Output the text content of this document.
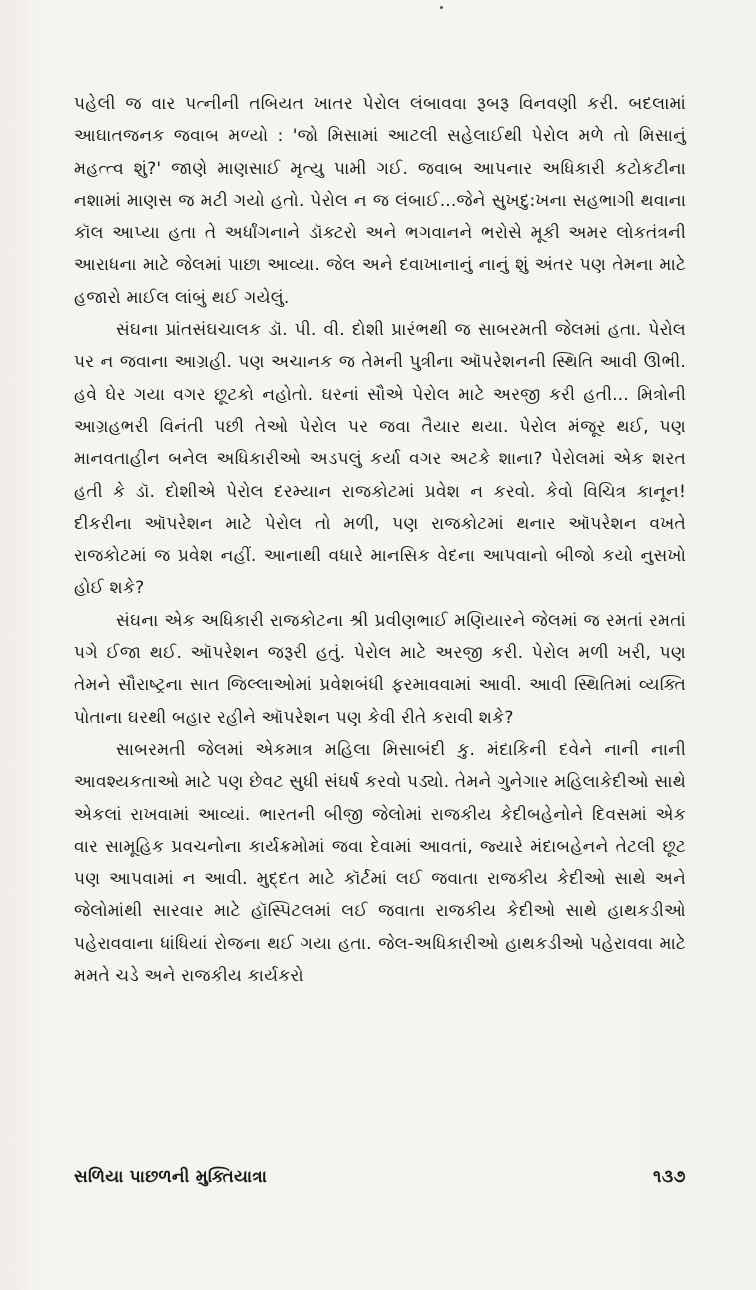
પહેલી જ વાર પત્નીની તબિયત ખાતર પેરોલ લંબાવવા રૂબરૂ વિનવણી કરી. બદલામાં આઘાતજનક જવાબ મળ્યો : 'જો મિસામાં આટલી સહેલાઈથી પેરોલ મળે તો મિસાનું મહત્ત્વ શું?' જાણે માણસાઈ મૃત્યુ પામી ગઈ. જવાબ આપનાર અધિકારી કટોકટીના નશામાં માણસ જ મટી ગયો હતો. પેરોલ ન જ લંબાઈ...જેને સુખદુ:ખના સહભાગી થવાના કૉલ આપ્યા હતા તે અર્ધાંગનાને ડૉક્ટરો અને ભગવાનને ભરોસે મૂકી અમર લોકતંત્રની આરાધના માટે જેલમાં પાછા આવ્યા. જેલ અને દવાખાનાનું નાનું શું અંતર પણ તેમના માટે હજારો માઈલ લાંબું થઈ ગયેલું.

સંઘના પ્રાંતસંઘચાલક ડૉ. પી. વી. દોશી પ્રારંભથી જ સાબરમતી જેલમાં હતા. પેરોલ પર ન જવાના આગ્રહી. પણ અચાનક જ તેમની પુત્રીના ઑપરેશનની સ્થિતિ આવી ઊભી. હવે ઘેર ગયા વગર છૂટકો નહોતો. ઘરનાં સૌએ પેરોલ માટે અરજી કરી હતી... મિત્રોની આગ્રહભરી વિનંતી પછી તેઓ પેરોલ પર જવા તૈયાર થયા. પેરોલ મંજૂર થઈ, પણ માનવતાહીન બનેલ અધિકારીઓ અડપલું કર્યા વગર અટકે શાના? પેરોલમાં એક શરત હતી કે ડૉ. દોશીએ પેરોલ દરમ્યાન રાજકોટમાં પ્રવેશ ન કરવો. કેવો વિચિત્ર કાનૂન! દીકરીના ઑપરેશન માટે પેરોલ તો મળી, પણ રાજકોટમાં થનાર ઑપરેશન વખતે રાજકોટમાં જ પ્રવેશ નહીં. આનાથી વધારે માનસિક વેદના આપવાનો બીજો કયો નુસખો હોઈ શકે?

સંઘના એક અધિકારી રાજકોટના શ્રી પ્રવીણભાઈ મણિયારને જેલમાં જ રમતાં રમતાં પગે ઈજા થઈ. ઑપરેશન જરૂરી હતું. પેરોલ માટે અરજી કરી. પેરોલ મળી ખરી, પણ તેમને સૌરાષ્ટ્રના સાત જિલ્લાઓમાં પ્રવેશબંધી ફરમાવવામાં આવી. આવી સ્થિતિમાં વ્યક્તિ પોતાના ઘરથી બહાર રહીને ઑપરેશન પણ કેવી રીતે કરાવી શકે?

સાબરમતી જેલમાં એકમાત્ર મહિલા મિસાબંદી કુ. મંદાકિની દવેને નાની નાની આવશ્યકતાઓ માટે પણ છેવટ સુધી સંઘર્ષ કરવો પડ્યો. તેમને ગુનેગાર મહિલાકેદીઓ સાથે એકલાં રાખવામાં આવ્યાં. ભારતની બીજી જેલોમાં રાજકીય કેદીબહેનોને દિવસમાં એક વાર સામૂહિક પ્રવચનોના કાર્યક્રમોમાં જવા દેવામાં આવતાં, જ્યારે મંદાબહેનને તેટલી છૂટ પણ આપવામાં ન આવી. મુદ્દત માટે કૉર્ટમાં લઈ જવાતા રાજકીય કેદીઓ સાથે અને જેલોમાંથી સારવાર માટે હૉસ્પિટલમાં લઈ જવાતા રાજકીય કેદીઓ સાથે હાથકડીઓ પહેરાવવાના ધાંધિયાં રોજના થઈ ગયા હતા. જેલ-અધિકારીઓ હાથકડીઓ પહેરાવવા માટે મમતે ચડે અને રાજકીય કાર્યકરો

સળિયા પાછળની મુક્તિયાત્રા	૧૩૭
